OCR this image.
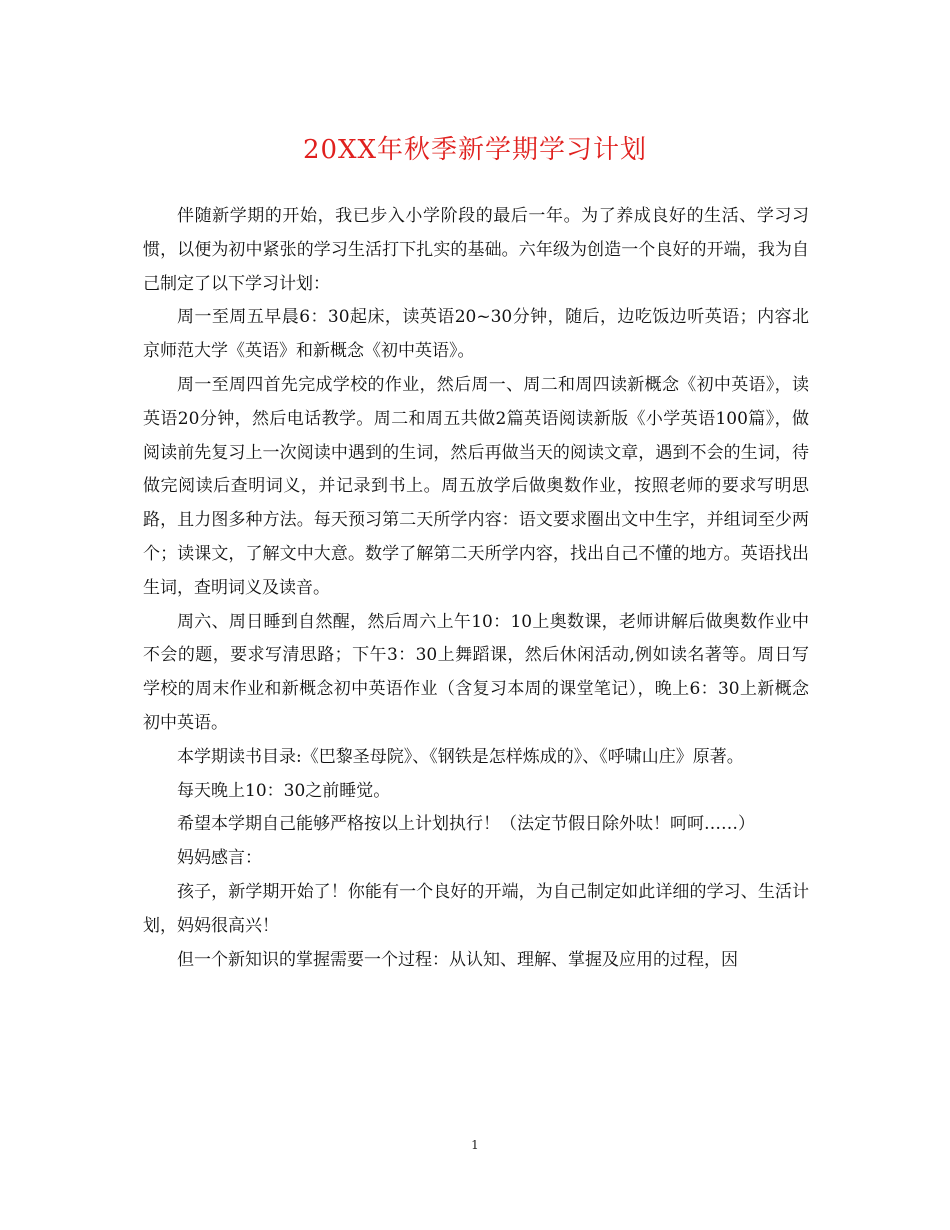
20XX年秋季新学期学习计划

伴随新学期的开始，我已步入小学阶段的最后一年。为了养成良好的生活、学习习惯，以便为初中紧张的学习生活打下扎实的基础。六年级为创造一个良好的开端，我为自己制定了以下学习计划：

周一至周五早晨6：30起床，读英语20~30分钟，随后，边吃饭边听英语；内容北京师范大学《英语》和新概念《初中英语》。

周一至周四首先完成学校的作业，然后周一、周二和周四读新概念《初中英语》，读英语20分钟，然后电话教学。周二和周五共做2篇英语阅读新版《小学英语100篇》，做阅读前先复习上一次阅读中遇到的生词，然后再做当天的阅读文章，遇到不会的生词，待做完阅读后查明词义，并记录到书上。周五放学后做奥数作业，按照老师的要求写明思路，且力图多种方法。每天预习第二天所学内容：语文要求圈出文中生字，并组词至少两个；读课文，了解文中大意。数学了解第二天所学内容，找出自己不懂的地方。英语找出生词，查明词义及读音。

周六、周日睡到自然醒，然后周六上午10：10上奥数课，老师讲解后做奥数作业中不会的题，要求写清思路；下午3：30上舞蹈课，然后休闲活动,例如读名著等。周日写学校的周末作业和新概念初中英语作业（含复习本周的课堂笔记），晚上6：30上新概念初中英语。

本学期读书目录:《巴黎圣母院》、《钢铁是怎样炼成的》、《呼啸山庄》原著。

每天晚上10：30之前睡觉。

希望本学期自己能够严格按以上计划执行！（法定节假日除外呔！呵呵……）

妈妈感言：

孩子，新学期开始了！你能有一个良好的开端，为自己制定如此详细的学习、生活计划，妈妈很高兴！

但一个新知识的掌握需要一个过程：从认知、理解、掌握及应用的过程，因

1
